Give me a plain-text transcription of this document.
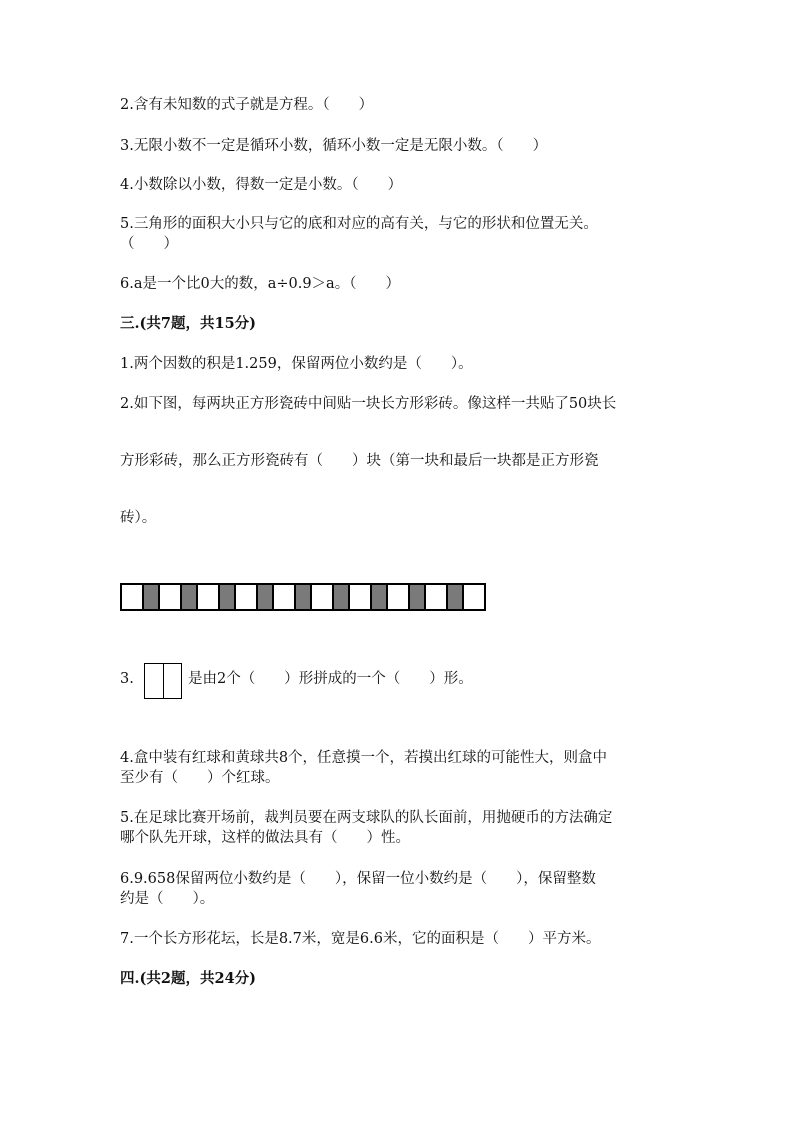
2.含有未知数的式子就是方程。（　　）
3.无限小数不一定是循环小数，循环小数一定是无限小数。（　　）
4.小数除以小数，得数一定是小数。（　　）
5.三角形的面积大小只与它的底和对应的高有关，与它的形状和位置无关。
（　　）
6.a是一个比0大的数，a÷0.9＞a。（　　）
三.(共7题，共15分)
1.两个因数的积是1.259，保留两位小数约是（　　）。
2.如下图，每两块正方形瓷砖中间贴一块长方形彩砖。像这样一共贴了50块长
方形彩砖，那么正方形瓷砖有（　　）块（第一块和最后一块都是正方形瓷
砖）。
3.	是由2个（　　）形拼成的一个（　　）形。
4.盒中装有红球和黄球共8个，任意摸一个，若摸出红球的可能性大，则盒中
至少有（　　）个红球。
5.在足球比赛开场前，裁判员要在两支球队的队长面前，用抛硬币的方法确定
哪个队先开球，这样的做法具有（　　）性。
6.9.658保留两位小数约是（　　），保留一位小数约是（　　），保留整数
约是（　　）。
7.一个长方形花坛，长是8.7米，宽是6.6米，它的面积是（　　）平方米。
四.(共2题，共24分)
